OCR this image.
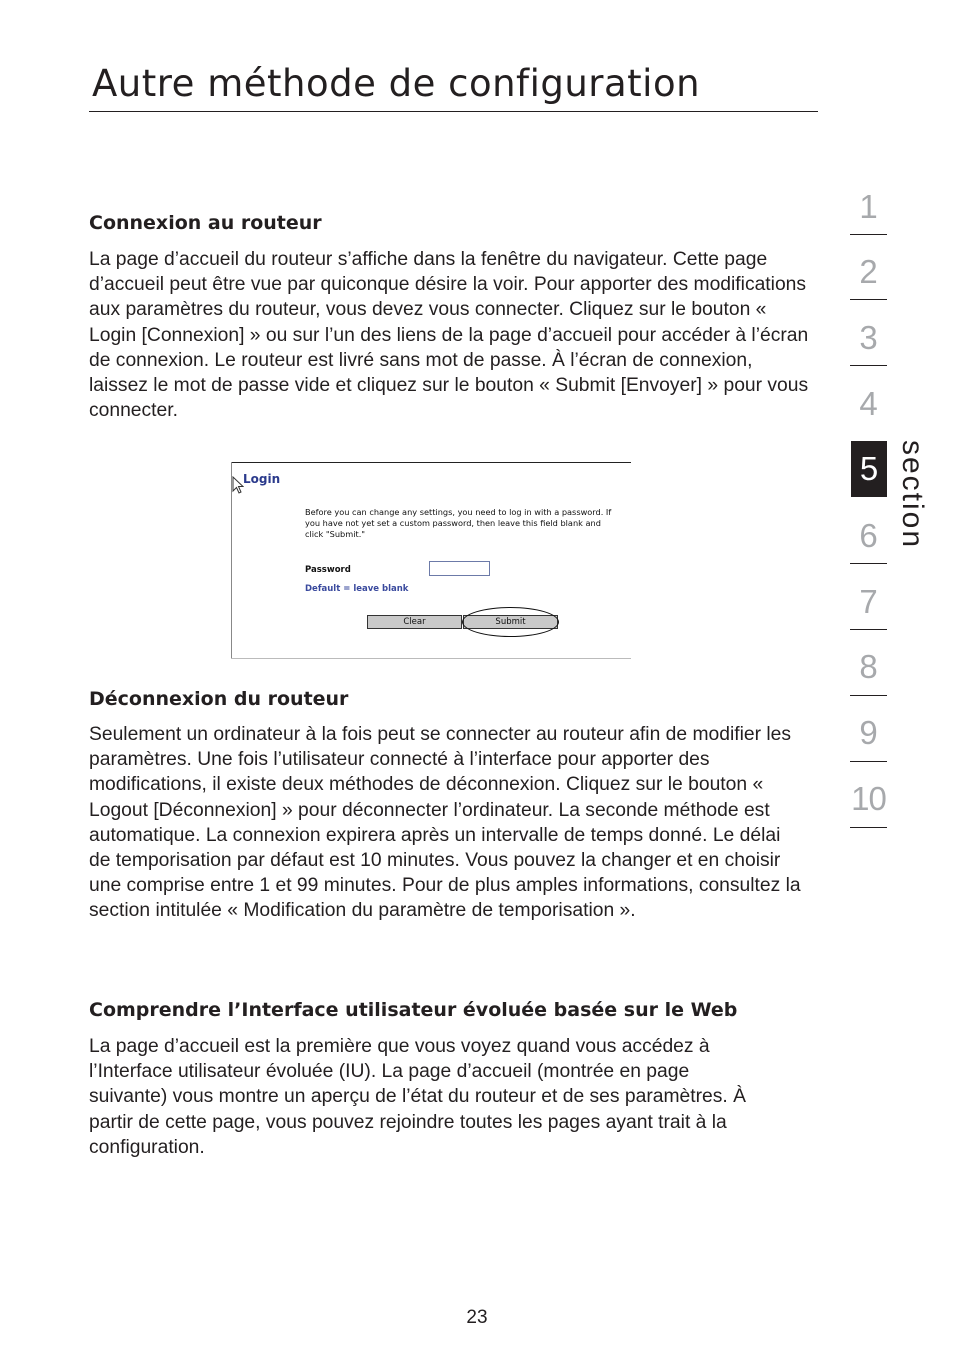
Autre méthode de configuration
Connexion au routeur

La page d’accueil du routeur s’affiche dans la fenêtre du navigateur. Cette page d’accueil peut être vue par quiconque désire la voir. Pour apporter des modifications aux paramètres du routeur, vous devez vous connecter. Cliquez sur le bouton « Login [Connexion] » ou sur l’un des liens de la page d’accueil pour accéder à l’écran de connexion. Le routeur est livré sans mot de passe. À l’écran de connexion, laissez le mot de passe vide et cliquez sur le bouton « Submit [Envoyer] » pour vous connecter.

Login

Before you can change any settings, you need to log in with a password. If you have not yet set a custom password, then leave this field blank and click "Submit."

Password
Default = leave blank
Clear	Submit
Déconnexion du routeur

Seulement un ordinateur à la fois peut se connecter au routeur afin de modifier les paramètres. Une fois l’utilisateur connecté à l’interface pour apporter des modifications, il existe deux méthodes de déconnexion. Cliquez sur le bouton « Logout [Déconnexion] » pour déconnecter l’ordinateur. La seconde méthode est automatique. La connexion expirera après un intervalle de temps donné. Le délai de temporisation par défaut est 10 minutes. Vous pouvez la changer et en choisir une comprise entre 1 et 99 minutes. Pour de plus amples informations, consultez la section intitulée « Modification du paramètre de temporisation ».

Comprendre l’Interface utilisateur évoluée basée sur le Web

La page d’accueil est la première que vous voyez quand vous accédez à l’Interface utilisateur évoluée (IU). La page d’accueil (montrée en page suivante) vous montre un aperçu de l’état du routeur et de ses paramètres. À partir de cette page, vous pouvez rejoindre toutes les pages ayant trait à la configuration.

1
2
3
4
5
6
7
8
9
10
section
23
